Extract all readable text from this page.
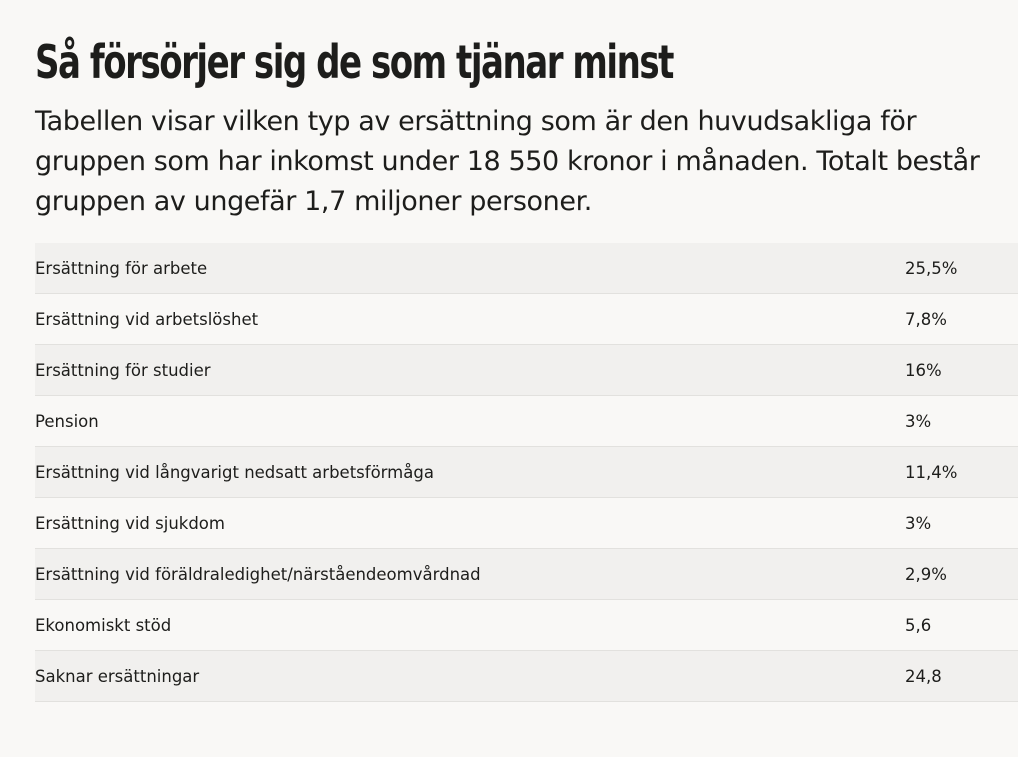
Så försörjer sig de som tjänar minst

Tabellen visar vilken typ av ersättning som är den huvudsakliga för gruppen som har inkomst under 18 550 kronor i månaden. Totalt består gruppen av ungefär 1,7 miljoner personer.

Ersättning för arbete	25,5%
Ersättning vid arbetslöshet	7,8%
Ersättning för studier	16%
Pension	3%
Ersättning vid långvarigt nedsatt arbetsförmåga	11,4%
Ersättning vid sjukdom	3%
Ersättning vid föräldraledighet/närståendeomvårdnad	2,9%
Ekonomiskt stöd	5,6
Saknar ersättningar	24,8
